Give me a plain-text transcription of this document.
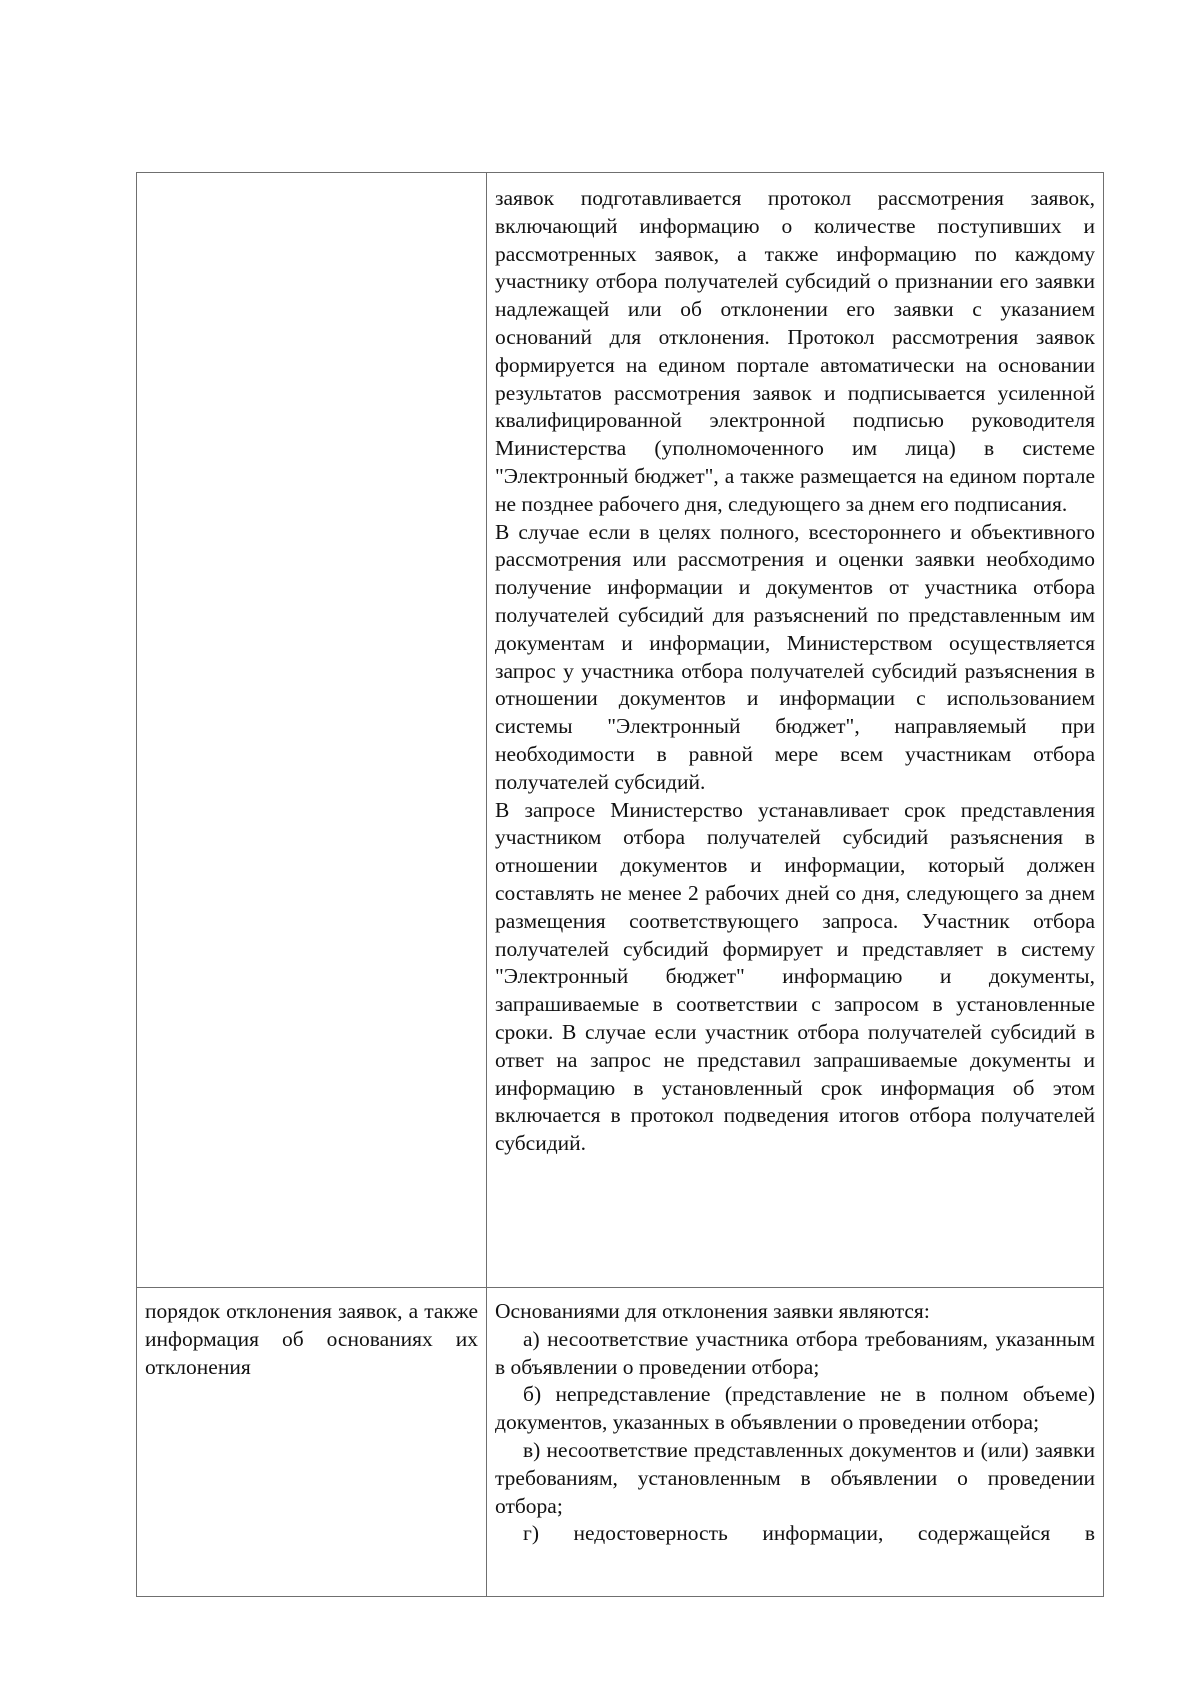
	заявок подготавливается протокол рассмотрения заявок, включающий информацию о количестве поступивших и рассмотренных заявок, а также информацию по каждому участнику отбора получателей субсидий о признании его заявки надлежащей или об отклонении его заявки с указанием оснований для отклонения. Протокол рассмотрения заявок формируется на едином портале автоматически на основании результатов рассмотрения заявок и подписывается усиленной квалифицированной электронной подписью руководителя Министерства (уполномоченного им лица) в системе "Электронный бюджет", а также размещается на едином портале не позднее рабочего дня, следующего за днем его подписания.

В случае если в целях полного, всестороннего и объективного рассмотрения или рассмотрения и оценки заявки необходимо получение информации и документов от участника отбора получателей субсидий для разъяснений по представленным им документам и информации, Министерством осуществляется запрос у участника отбора получателей субсидий разъяснения в отношении документов и информации с использованием системы "Электронный бюджет", направляемый при необходимости в равной мере всем участникам отбора получателей субсидий.

В запросе Министерство устанавливает срок представления участником отбора получателей субсидий разъяснения в отношении документов и информации, который должен составлять не менее 2 рабочих дней со дня, следующего за днем размещения соответствующего запроса. Участник отбора получателей субсидий формирует и представляет в систему "Электронный бюджет" информацию и документы, запрашиваемые в соответствии с запросом в установленные сроки. В случае если участник отбора получателей субсидий в ответ на запрос не представил запрашиваемые документы и информацию в установленный срок информация об этом включается в протокол подведения итогов отбора получателей субсидий.

порядок отклонения заявок, а также информация об основаниях их отклонения	Основаниями для отклонения заявки являются:

а) несоответствие участника отбора требованиям, указанным в объявлении о проведении отбора;

б) непредставление (представление не в полном объеме) документов, указанных в объявлении о проведении отбора;

в) несоответствие представленных документов и (или) заявки требованиям, установленным в объявлении о проведении отбора;

г) недостоверность информации, содержащейся в
